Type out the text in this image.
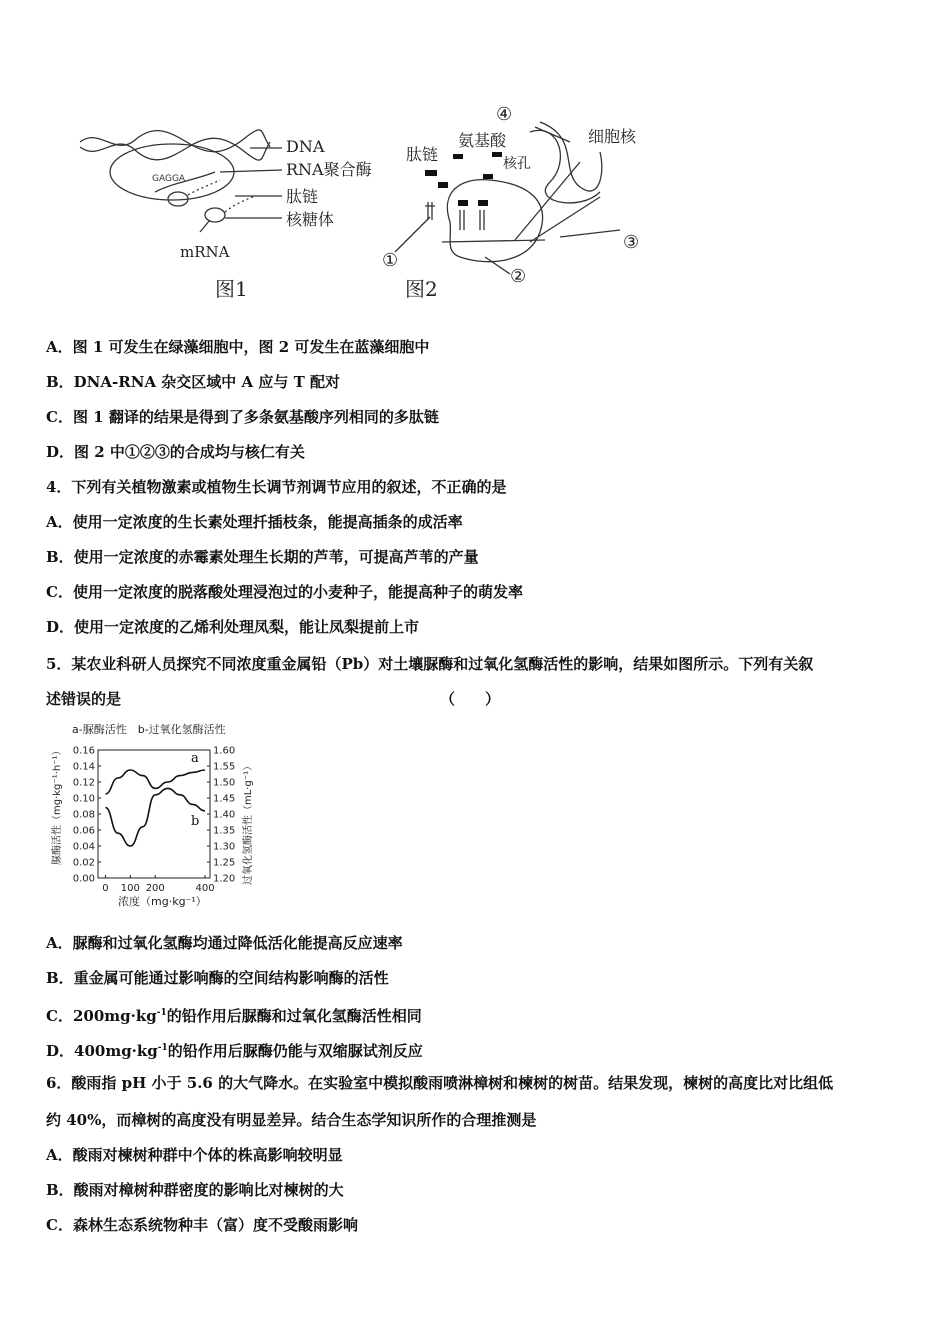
GAGGA
DNA
RNA聚合酶
肽链
核糖体
mRNA
图1
肽链
氨基酸
核孔
细胞核
④
①
②
③
图2
A．图 1 可发生在绿藻细胞中，图 2 可发生在蓝藻细胞中
B．DNA-RNA 杂交区域中 A 应与 T 配对
C．图 1 翻译的结果是得到了多条氨基酸序列相同的多肽链
D．图 2 中①②③的合成均与核仁有关
4．下列有关植物激素或植物生长调节剂调节应用的叙述，不正确的是
A．使用一定浓度的生长素处理扦插枝条，能提高插条的成活率
B．使用一定浓度的赤霉素处理生长期的芦苇，可提高芦苇的产量
C．使用一定浓度的脱落酸处理浸泡过的小麦种子，能提高种子的萌发率
D．使用一定浓度的乙烯利处理凤梨，能让凤梨提前上市
5．某农业科研人员探究不同浓度重金属铅（Pb）对土壤脲酶和过氧化氢酶活性的影响，结果如图所示。下列有关叙
述错误的是	（　　）
a-脲酶活性　b-过氧化氢酶活性
0.16
0.14
0.12
0.10
0.08
0.06
0.04
0.02
0.00
1.60
1.55
1.50
1.45
1.40
1.35
1.30
1.25
1.20
0 100 200	400
a
b
浓度（mg·kg⁻¹）
脲酶活性（mg·kg⁻¹·h⁻¹）	过氧化氢酶活性（mL·g⁻¹）
A．脲酶和过氧化氢酶均通过降低活化能提高反应速率
B．重金属可能通过影响酶的空间结构影响酶的活性
C．$200mg\cdot kg^{-1}$的铅作用后脲酶和过氧化氢酶活性相同
D．$400mg\cdot kg^{-1}$的铅作用后脲酶仍能与双缩脲试剂反应
6．酸雨指 pH 小于 5.6 的大气降水。在实验室中模拟酸雨喷淋樟树和楝树的树苗。结果发现，楝树的高度比对比组低
约 40%，而樟树的高度没有明显差异。结合生态学知识所作的合理推测是
A．酸雨对楝树种群中个体的株高影响较明显
B．酸雨对樟树种群密度的影响比对楝树的大
C．森林生态系统物种丰（富）度不受酸雨影响
